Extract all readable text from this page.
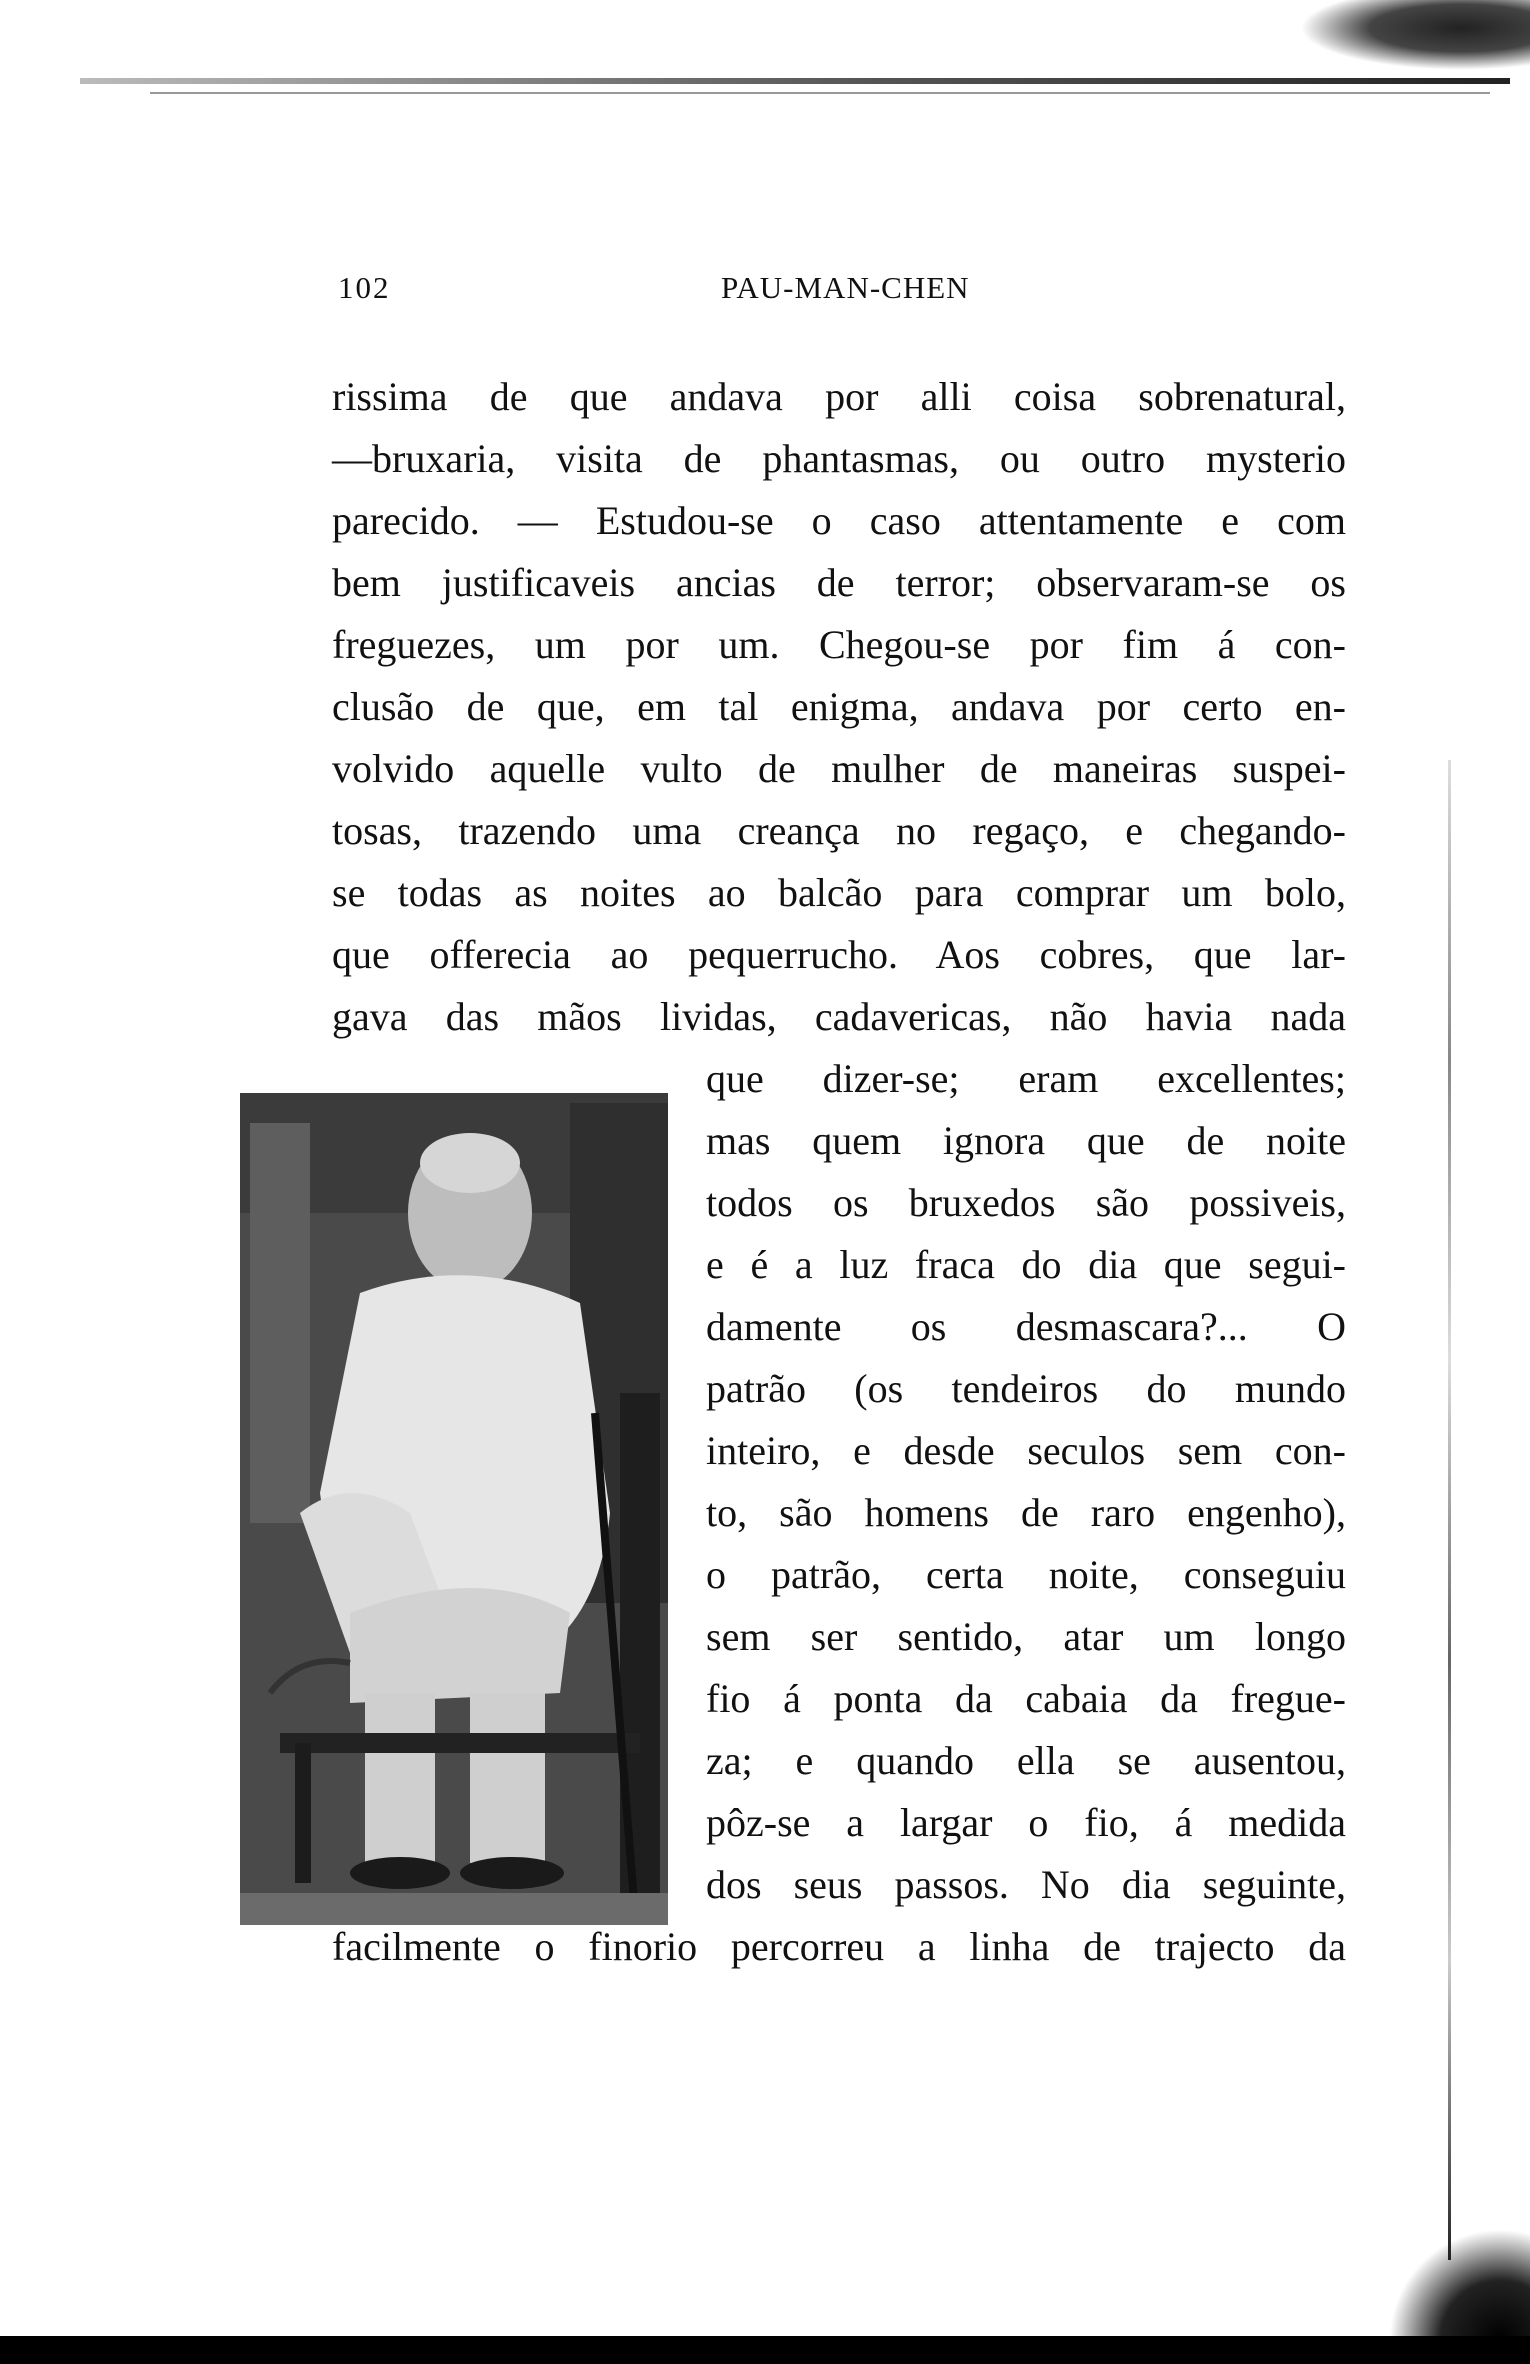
102	PAU-MAN-CHEN
rissima de que andava por alli coisa sobrenatural,
—bruxaria, visita de phantasmas, ou outro mysterio
parecido. — Estudou-se o caso attentamente e com
bem justificaveis ancias de terror; observaram-se os
freguezes, um por um. Chegou-se por fim á con-
clusão de que, em tal enigma, andava por certo en-
volvido aquelle vulto de mulher de maneiras suspei-
tosas, trazendo uma creança no regaço, e chegando-
se todas as noites ao balcão para comprar um bolo,
que offerecia ao pequerrucho. Aos cobres, que lar-
gava das mãos lividas, cadavericas, não havia nada
que dizer-se; eram excellentes;
mas quem ignora que de noite
todos os bruxedos são possiveis,
e é a luz fraca do dia que segui-
damente os desmascara?... O
patrão (os tendeiros do mundo
inteiro, e desde seculos sem con-
to, são homens de raro engenho),
o patrão, certa noite, conseguiu
sem ser sentido, atar um longo
fio á ponta da cabaia da fregue-
za; e quando ella se ausentou,
pôz-se a largar o fio, á medida
dos seus passos. No dia seguinte,
facilmente o finorio percorreu a linha de trajecto da
